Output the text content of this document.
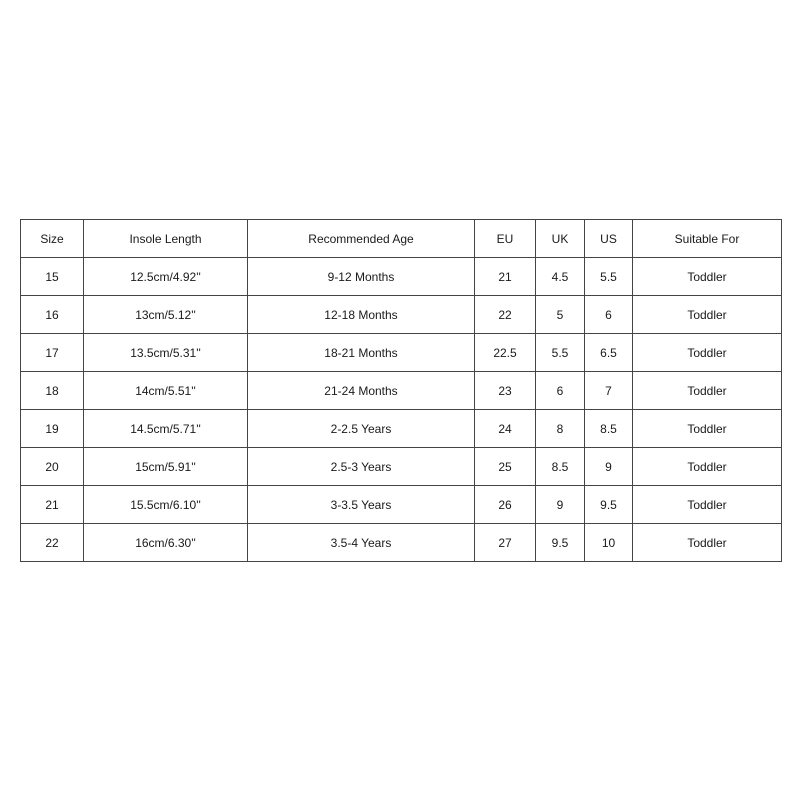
Size	Insole Length	Recommended Age	EU	UK	US	Suitable For
15	12.5cm/4.92''	9-12 Months	21	4.5	5.5	Toddler
16	13cm/5.12''	12-18 Months	22	5	6	Toddler
17	13.5cm/5.31''	18-21 Months	22.5	5.5	6.5	Toddler
18	14cm/5.51''	21-24 Months	23	6	7	Toddler
19	14.5cm/5.71''	2-2.5 Years	24	8	8.5	Toddler
20	15cm/5.91''	2.5-3 Years	25	8.5	9	Toddler
21	15.5cm/6.10''	3-3.5 Years	26	9	9.5	Toddler
22	16cm/6.30''	3.5-4 Years	27	9.5	10	Toddler
